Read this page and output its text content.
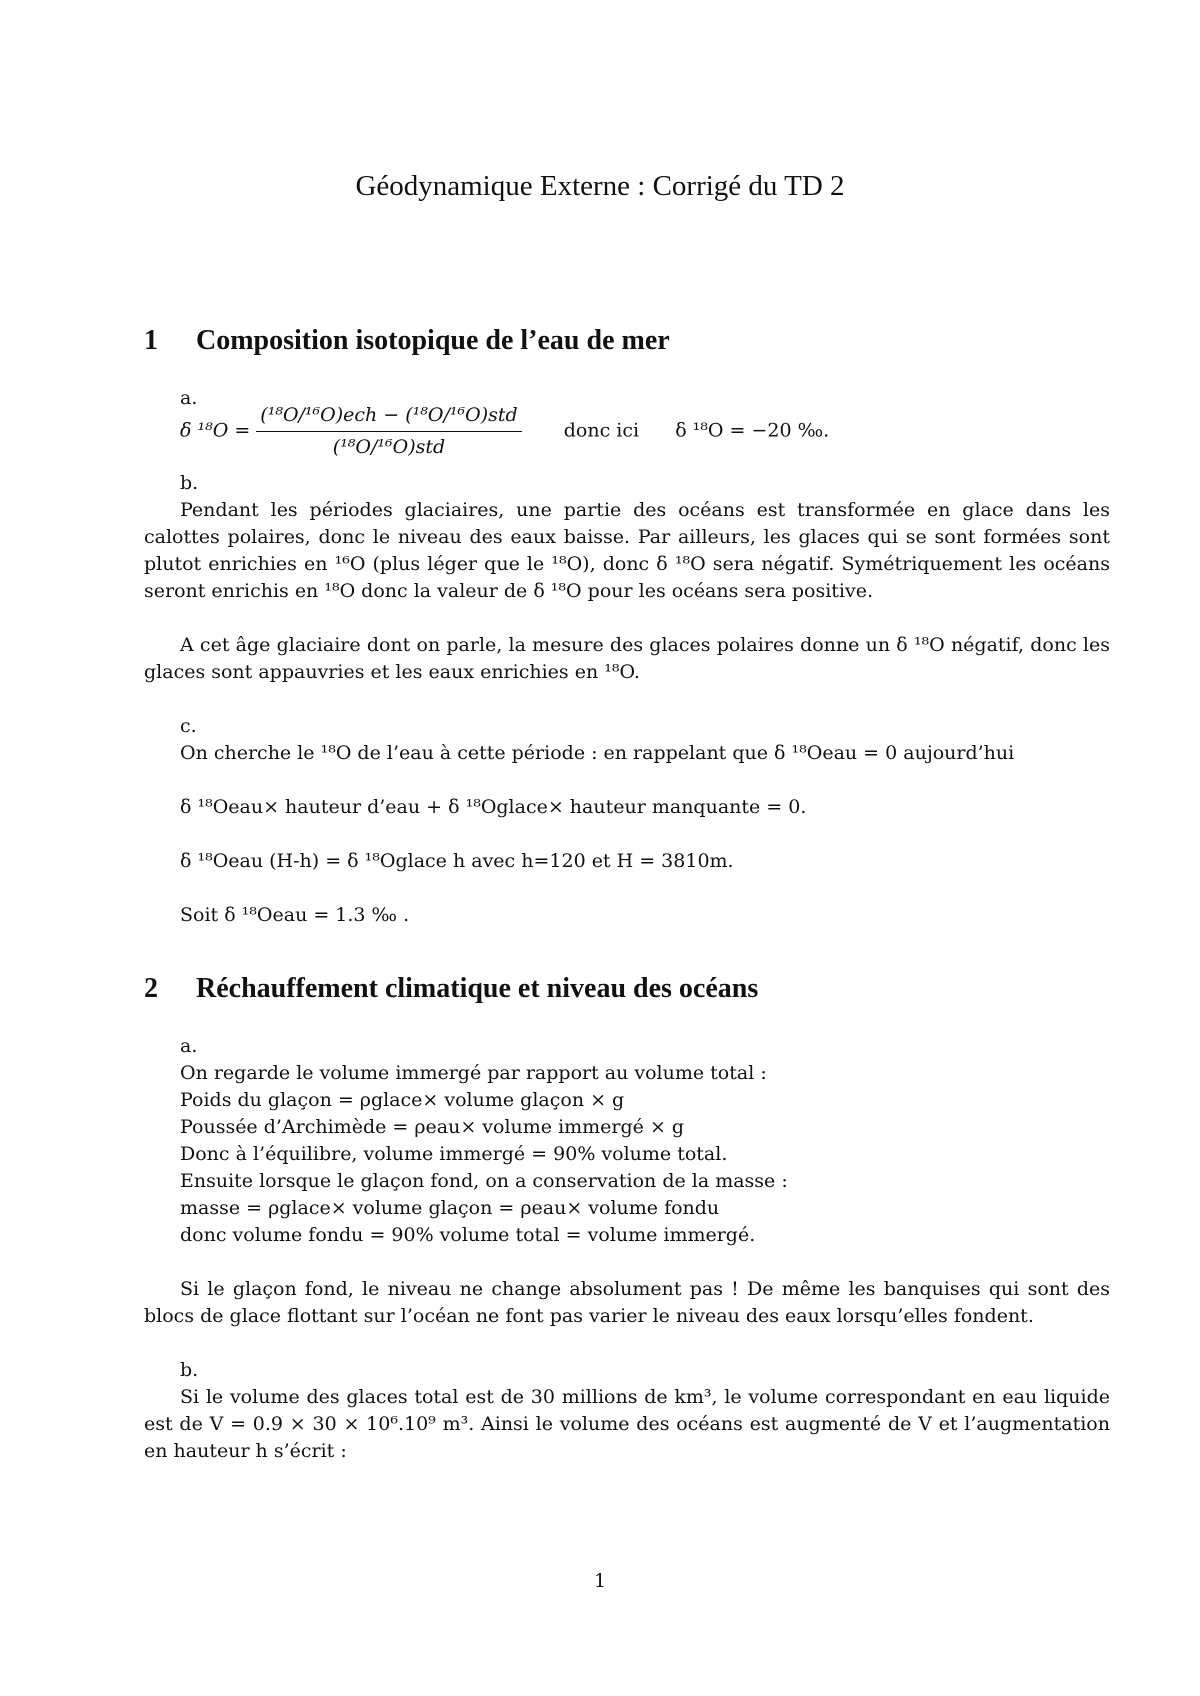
Géodynamique Externe : Corrigé du TD 2
1 Composition isotopique de l’eau de mer
a.
δ $^{18}O = \frac{\text{(¹⁸O/¹⁶O)ech − (¹⁸O/¹⁶O)std}}{\text{(¹⁸O/¹⁶O)std}}$ donc ici δ ¹⁸O = −20 ‰.
b.
Pendant les périodes glaciaires, une partie des océans est transformée en glace dans les calottes polaires, donc le niveau des eaux baisse. Par ailleurs, les glaces qui se sont formées sont plutot enrichies en ¹⁶O (plus léger que le ¹⁸O), donc δ ¹⁸O sera négatif. Symétriquement les océans seront enrichis en ¹⁸O donc la valeur de δ ¹⁸O pour les océans sera positive.
A cet âge glaciaire dont on parle, la mesure des glaces polaires donne un δ ¹⁸O négatif, donc les glaces sont appauvries et les eaux enrichies en ¹⁸O.
c.
On cherche le ¹⁸O de l’eau à cette période : en rappelant que δ ¹⁸Oeau = 0 aujourd’hui
δ ¹⁸Oeau× hauteur d’eau + δ ¹⁸Oglace× hauteur manquante = 0.
δ ¹⁸Oeau (H-h) = δ ¹⁸Oglace h avec h=120 et H = 3810m.
Soit δ ¹⁸Oeau = 1.3 ‰ .
2 Réchauffement climatique et niveau des océans
a.
On regarde le volume immergé par rapport au volume total :
Poids du glaçon = ρglace× volume glaçon × g
Poussée d’Archimède = ρeau× volume immergé × g
Donc à l’équilibre, volume immergé = 90% volume total.
Ensuite lorsque le glaçon fond, on a conservation de la masse :
masse = ρglace× volume glaçon = ρeau× volume fondu
donc volume fondu = 90% volume total = volume immergé.
Si le glaçon fond, le niveau ne change absolument pas ! De même les banquises qui sont des blocs de glace flottant sur l’océan ne font pas varier le niveau des eaux lorsqu’elles fondent.
b.
Si le volume des glaces total est de 30 millions de km³, le volume correspondant en eau liquide est de V = 0.9 × 30 × 10⁶.10⁹ m³. Ainsi le volume des océans est augmenté de V et l’augmentation en hauteur h s’écrit :
1
